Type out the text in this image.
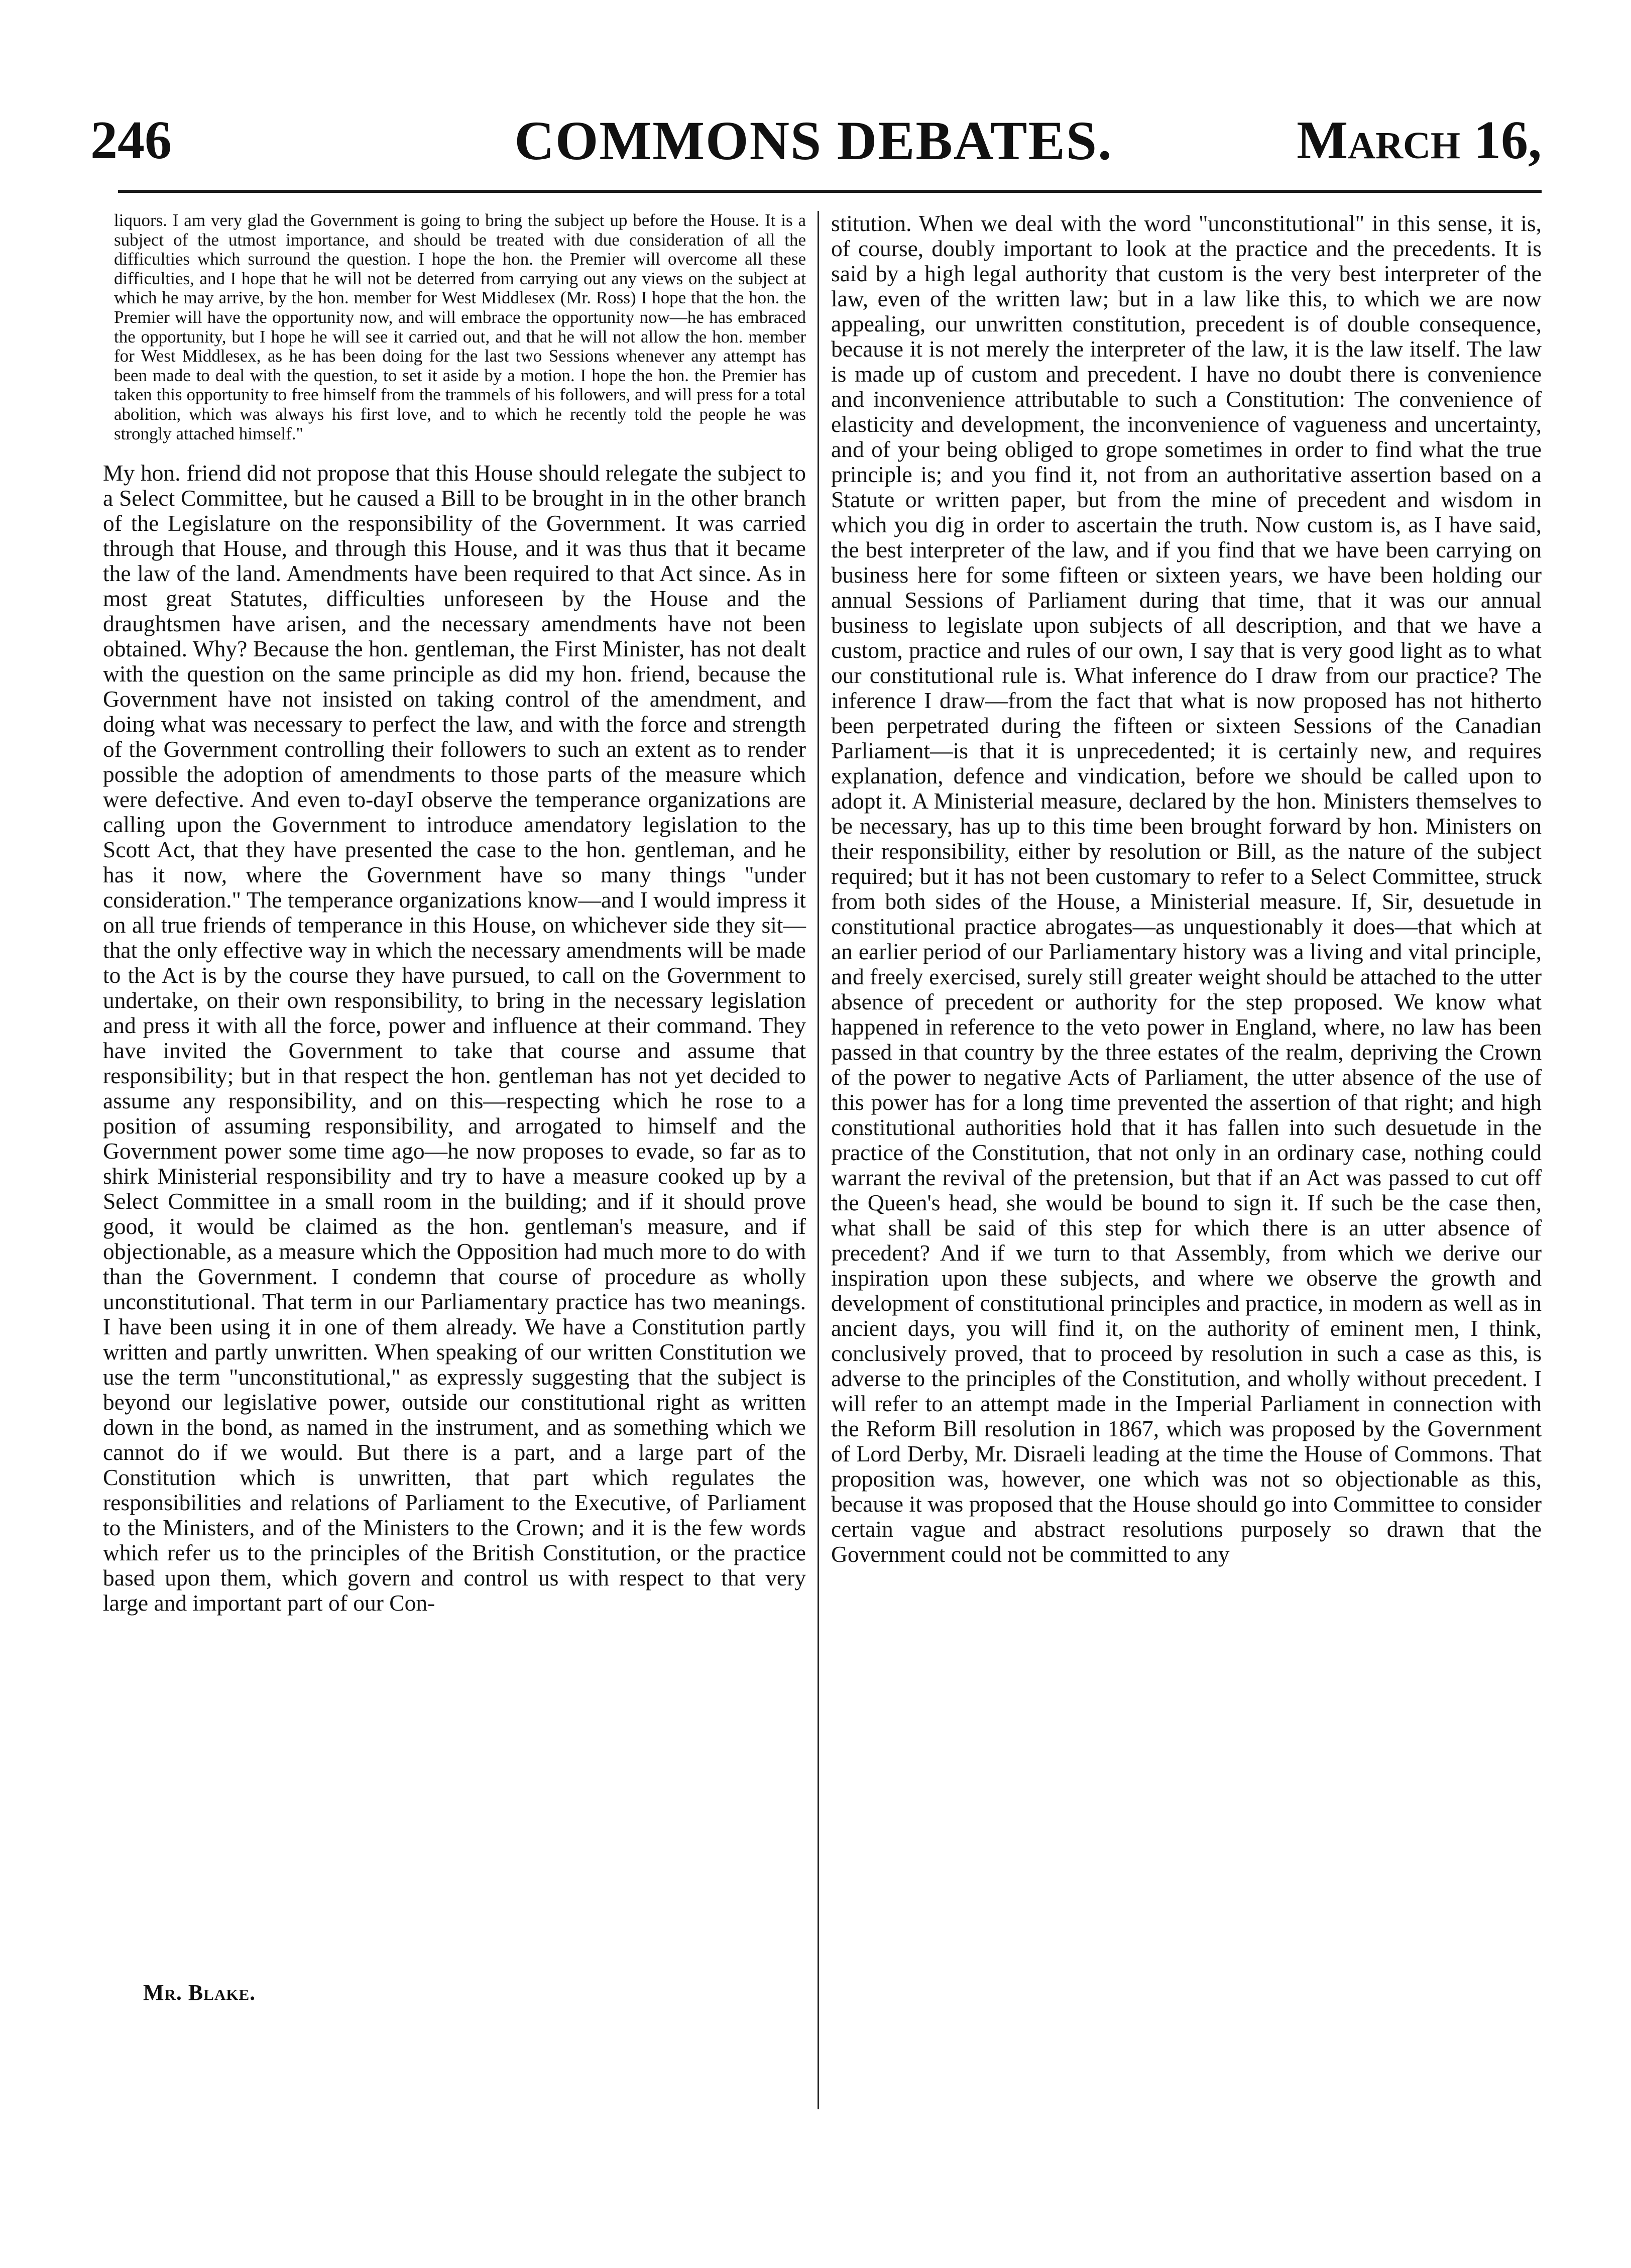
246	COMMONS DEBATES.	March 16,

liquors. I am very glad the Government is going to bring the subject up before the House. It is a subject of the utmost importance, and should be treated with due consideration of all the difficulties which surround the question. I hope the hon. the Premier will overcome all these difficulties, and I hope that he will not be deterred from carrying out any views on the subject at which he may arrive, by the hon. member for West Middlesex (Mr. Ross) I hope that the hon. the Premier will have the opportunity now, and will embrace the opportunity now—he has embraced the opportunity, but I hope he will see it carried out, and that he will not allow the hon. member for West Middlesex, as he has been doing for the last two Sessions whenever any attempt has been made to deal with the question, to set it aside by a motion. I hope the hon. the Premier has taken this opportunity to free himself from the trammels of his followers, and will press for a total abolition, which was always his first love, and to which he recently told the people he was strongly attached himself."

My hon. friend did not propose that this House should relegate the subject to a Select Committee, but he caused a Bill to be brought in in the other branch of the Legislature on the responsibility of the Government. It was carried through that House, and through this House, and it was thus that it became the law of the land. Amendments have been required to that Act since. As in most great Statutes, difficulties unforeseen by the House and the draughtsmen have arisen, and the necessary amendments have not been obtained. Why? Because the hon. gentleman, the First Minister, has not dealt with the question on the same principle as did my hon. friend, because the Government have not insisted on taking control of the amendment, and doing what was necessary to perfect the law, and with the force and strength of the Government controlling their followers to such an extent as to render possible the adoption of amendments to those parts of the measure which were defective. And even to-dayI observe the temperance organizations are calling upon the Government to introduce amendatory legislation to the Scott Act, that they have presented the case to the hon. gentleman, and he has it now, where the Government have so many things "under consideration." The temperance organizations know—and I would impress it on all true friends of temperance in this House, on whichever side they sit—that the only effective way in which the necessary amendments will be made to the Act is by the course they have pursued, to call on the Government to undertake, on their own responsibility, to bring in the necessary legislation and press it with all the force, power and influence at their command. They have invited the Government to take that course and assume that responsibility; but in that respect the hon. gentleman has not yet decided to assume any responsibility, and on this—respecting which he rose to a position of assuming responsibility, and arrogated to himself and the Government power some time ago—he now proposes to evade, so far as to shirk Ministerial responsibility and try to have a measure cooked up by a Select Committee in a small room in the building; and if it should prove good, it would be claimed as the hon. gentleman's measure, and if objectionable, as a measure which the Opposition had much more to do with than the Government. I condemn that course of procedure as wholly unconstitutional. That term in our Parliamentary practice has two meanings. I have been using it in one of them already. We have a Constitution partly written and partly unwritten. When speaking of our written Constitution we use the term "unconstitutional," as expressly suggesting that the subject is beyond our legislative power, outside our constitutional right as written down in the bond, as named in the instrument, and as something which we cannot do if we would. But there is a part, and a large part of the Constitution which is unwritten, that part which regulates the responsibilities and relations of Parliament to the Executive, of Parliament to the Ministers, and of the Ministers to the Crown; and it is the few words which refer us to the principles of the British Constitution, or the practice based upon them, which govern and control us with respect to that very large and important part of our Con-

stitution. When we deal with the word "unconstitutional" in this sense, it is, of course, doubly important to look at the practice and the precedents. It is said by a high legal authority that custom is the very best interpreter of the law, even of the written law; but in a law like this, to which we are now appealing, our unwritten constitution, precedent is of double consequence, because it is not merely the interpreter of the law, it is the law itself. The law is made up of custom and precedent. I have no doubt there is convenience and inconvenience attributable to such a Constitution: The convenience of elasticity and development, the inconvenience of vagueness and uncertainty, and of your being obliged to grope sometimes in order to find what the true principle is; and you find it, not from an authoritative assertion based on a Statute or written paper, but from the mine of precedent and wisdom in which you dig in order to ascertain the truth. Now custom is, as I have said, the best interpreter of the law, and if you find that we have been carrying on business here for some fifteen or sixteen years, we have been holding our annual Sessions of Parliament during that time, that it was our annual business to legislate upon subjects of all description, and that we have a custom, practice and rules of our own, I say that is very good light as to what our constitutional rule is. What inference do I draw from our practice? The inference I draw—from the fact that what is now proposed has not hitherto been perpetrated during the fifteen or sixteen Sessions of the Canadian Parliament—is that it is unprecedented; it is certainly new, and requires explanation, defence and vindication, before we should be called upon to adopt it. A Ministerial measure, declared by the hon. Ministers themselves to be necessary, has up to this time been brought forward by hon. Ministers on their responsibility, either by resolution or Bill, as the nature of the subject required; but it has not been customary to refer to a Select Committee, struck from both sides of the House, a Ministerial measure. If, Sir, desuetude in constitutional practice abrogates—as unquestionably it does—that which at an earlier period of our Parliamentary history was a living and vital principle, and freely exercised, surely still greater weight should be attached to the utter absence of precedent or authority for the step proposed. We know what happened in reference to the veto power in England, where, no law has been passed in that country by the three estates of the realm, depriving the Crown of the power to negative Acts of Parliament, the utter absence of the use of this power has for a long time prevented the assertion of that right; and high constitutional authorities hold that it has fallen into such desuetude in the practice of the Constitution, that not only in an ordinary case, nothing could warrant the revival of the pretension, but that if an Act was passed to cut off the Queen's head, she would be bound to sign it. If such be the case then, what shall be said of this step for which there is an utter absence of precedent? And if we turn to that Assembly, from which we derive our inspiration upon these subjects, and where we observe the growth and development of constitutional principles and practice, in modern as well as in ancient days, you will find it, on the authority of eminent men, I think, conclusively proved, that to proceed by resolution in such a case as this, is adverse to the principles of the Constitution, and wholly without precedent. I will refer to an attempt made in the Imperial Parliament in connection with the Reform Bill resolution in 1867, which was proposed by the Government of Lord Derby, Mr. Disraeli leading at the time the House of Commons. That proposition was, however, one which was not so objectionable as this, because it was proposed that the House should go into Committee to consider certain vague and abstract resolutions purposely so drawn that the Government could not be committed to any

Mr. Blake.
